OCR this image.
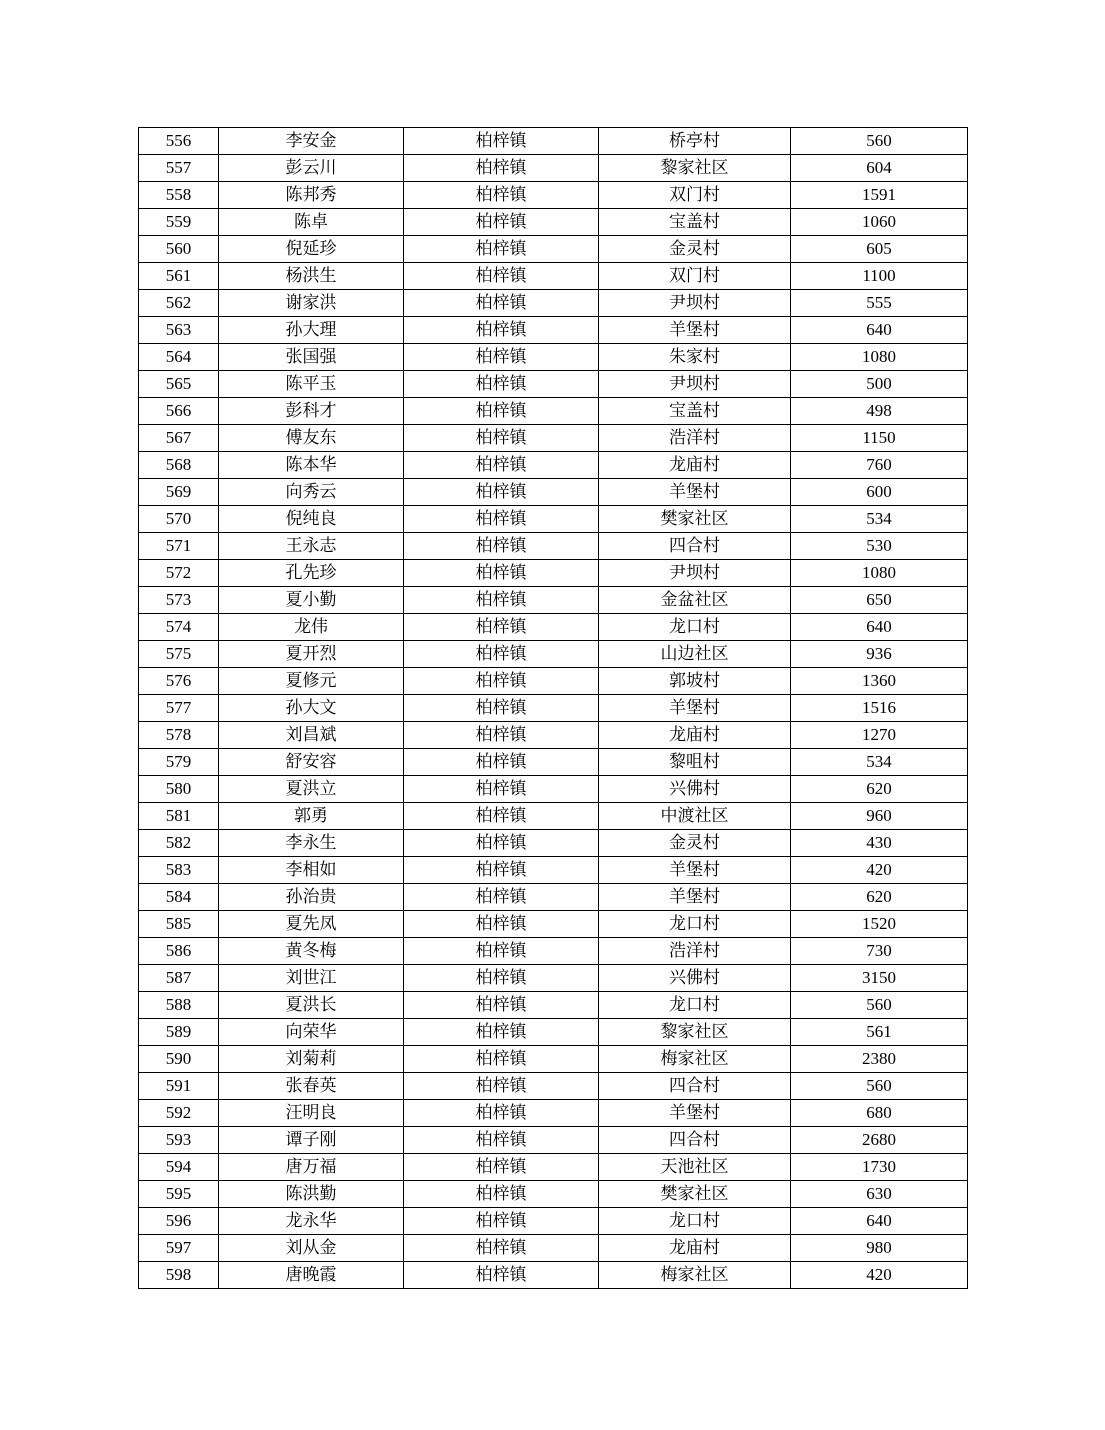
556	李安金	柏梓镇	桥亭村	560
557	彭云川	柏梓镇	黎家社区	604
558	陈邦秀	柏梓镇	双门村	1591
559	陈卓	柏梓镇	宝盖村	1060
560	倪延珍	柏梓镇	金灵村	605
561	杨洪生	柏梓镇	双门村	1100
562	谢家洪	柏梓镇	尹坝村	555
563	孙大理	柏梓镇	羊堡村	640
564	张国强	柏梓镇	朱家村	1080
565	陈平玉	柏梓镇	尹坝村	500
566	彭科才	柏梓镇	宝盖村	498
567	傅友东	柏梓镇	浩洋村	1150
568	陈本华	柏梓镇	龙庙村	760
569	向秀云	柏梓镇	羊堡村	600
570	倪纯良	柏梓镇	樊家社区	534
571	王永志	柏梓镇	四合村	530
572	孔先珍	柏梓镇	尹坝村	1080
573	夏小勤	柏梓镇	金盆社区	650
574	龙伟	柏梓镇	龙口村	640
575	夏开烈	柏梓镇	山边社区	936
576	夏修元	柏梓镇	郭坡村	1360
577	孙大文	柏梓镇	羊堡村	1516
578	刘昌斌	柏梓镇	龙庙村	1270
579	舒安容	柏梓镇	黎咀村	534
580	夏洪立	柏梓镇	兴佛村	620
581	郭勇	柏梓镇	中渡社区	960
582	李永生	柏梓镇	金灵村	430
583	李相如	柏梓镇	羊堡村	420
584	孙治贵	柏梓镇	羊堡村	620
585	夏先凤	柏梓镇	龙口村	1520
586	黄冬梅	柏梓镇	浩洋村	730
587	刘世江	柏梓镇	兴佛村	3150
588	夏洪长	柏梓镇	龙口村	560
589	向荣华	柏梓镇	黎家社区	561
590	刘菊莉	柏梓镇	梅家社区	2380
591	张春英	柏梓镇	四合村	560
592	汪明良	柏梓镇	羊堡村	680
593	谭子刚	柏梓镇	四合村	2680
594	唐万福	柏梓镇	天池社区	1730
595	陈洪勤	柏梓镇	樊家社区	630
596	龙永华	柏梓镇	龙口村	640
597	刘从金	柏梓镇	龙庙村	980
598	唐晚霞	柏梓镇	梅家社区	420
